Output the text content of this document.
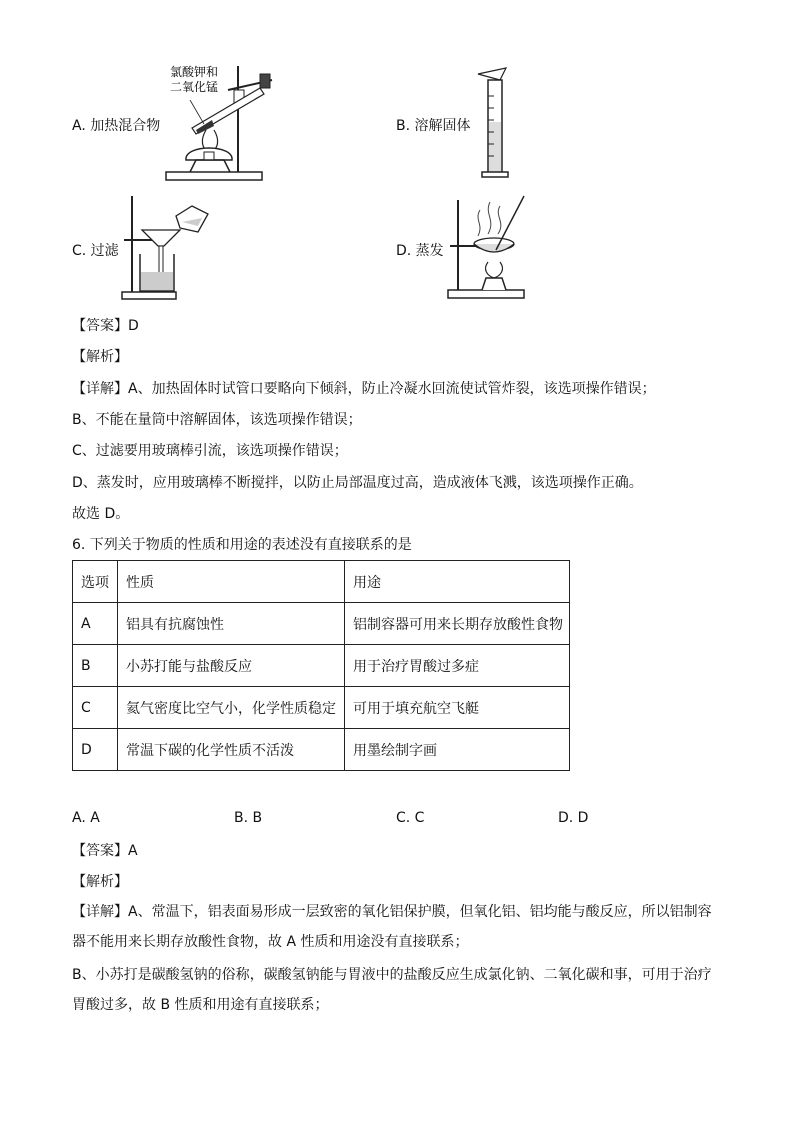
A. 加热混合物
氯酸钾和
二氧化锰
B. 溶解固体
C. 过滤	D. 蒸发
【答案】D
【解析】
【详解】A、加热固体时试管口要略向下倾斜，防止冷凝水回流使试管炸裂，该选项操作错误；
B、不能在量筒中溶解固体，该选项操作错误；
C、过滤要用玻璃棒引流，该选项操作错误；
D、蒸发时，应用玻璃棒不断搅拌，以防止局部温度过高，造成液体飞溅，该选项操作正确。
故选 D。
6. 下列关于物质的性质和用途的表述没有直接联系的是
选项	性质	用途
A	铝具有抗腐蚀性	铝制容器可用来长期存放酸性食物
B	小苏打能与盐酸反应	用于治疗胃酸过多症
C	氦气密度比空气小，化学性质稳定	可用于填充航空飞艇
D	常温下碳的化学性质不活泼	用墨绘制字画
A. A	B. B	C. C	D. D
【答案】A
【解析】
【详解】A、常温下，铝表面易形成一层致密的氧化铝保护膜，但氧化铝、铝均能与酸反应，所以铝制容器不能用来长期存放酸性食物，故 A 性质和用途没有直接联系；
B、小苏打是碳酸氢钠的俗称，碳酸氢钠能与胃液中的盐酸反应生成氯化钠、二氧化碳和事，可用于治疗胃酸过多，故 B 性质和用途有直接联系；
